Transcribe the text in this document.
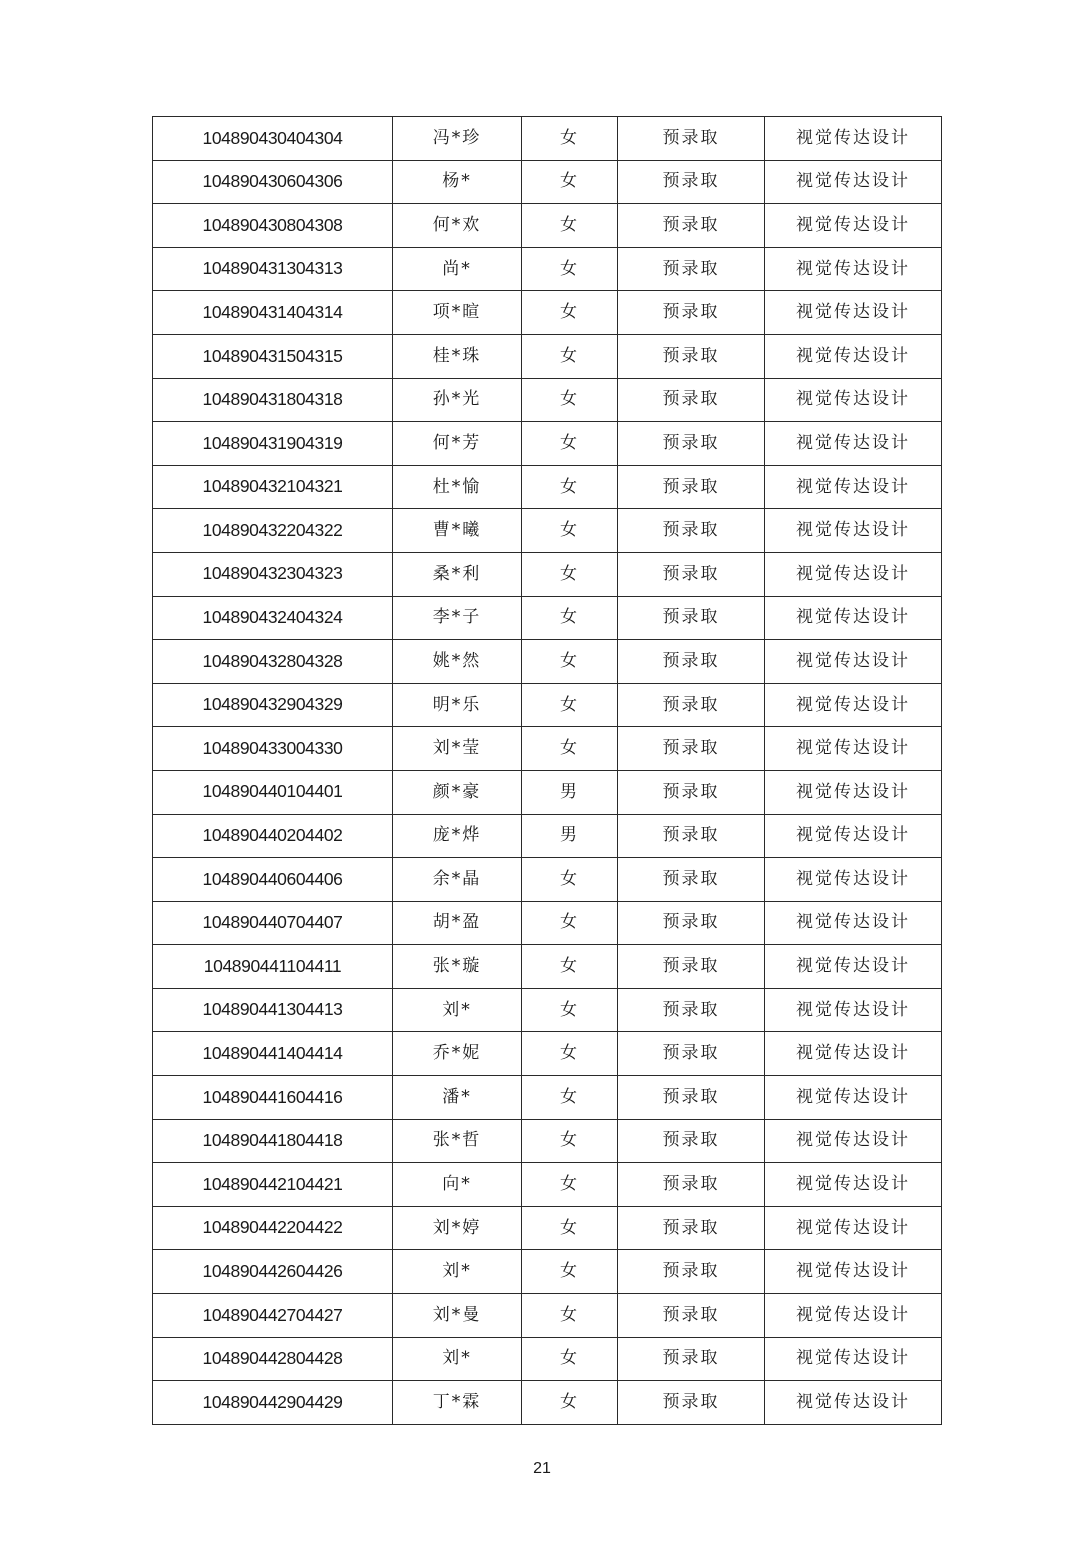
104890430404304	冯*珍	女	预录取	视觉传达设计
104890430604306	杨*	女	预录取	视觉传达设计
104890430804308	何*欢	女	预录取	视觉传达设计
104890431304313	尚*	女	预录取	视觉传达设计
104890431404314	项*暄	女	预录取	视觉传达设计
104890431504315	桂*珠	女	预录取	视觉传达设计
104890431804318	孙*光	女	预录取	视觉传达设计
104890431904319	何*芳	女	预录取	视觉传达设计
104890432104321	杜*愉	女	预录取	视觉传达设计
104890432204322	曹*曦	女	预录取	视觉传达设计
104890432304323	桑*利	女	预录取	视觉传达设计
104890432404324	李*子	女	预录取	视觉传达设计
104890432804328	姚*然	女	预录取	视觉传达设计
104890432904329	明*乐	女	预录取	视觉传达设计
104890433004330	刘*莹	女	预录取	视觉传达设计
104890440104401	颜*豪	男	预录取	视觉传达设计
104890440204402	庞*烨	男	预录取	视觉传达设计
104890440604406	余*晶	女	预录取	视觉传达设计
104890440704407	胡*盈	女	预录取	视觉传达设计
104890441104411	张*璇	女	预录取	视觉传达设计
104890441304413	刘*	女	预录取	视觉传达设计
104890441404414	乔*妮	女	预录取	视觉传达设计
104890441604416	潘*	女	预录取	视觉传达设计
104890441804418	张*哲	女	预录取	视觉传达设计
104890442104421	向*	女	预录取	视觉传达设计
104890442204422	刘*婷	女	预录取	视觉传达设计
104890442604426	刘*	女	预录取	视觉传达设计
104890442704427	刘*曼	女	预录取	视觉传达设计
104890442804428	刘*	女	预录取	视觉传达设计
104890442904429	丁*霖	女	预录取	视觉传达设计
21
